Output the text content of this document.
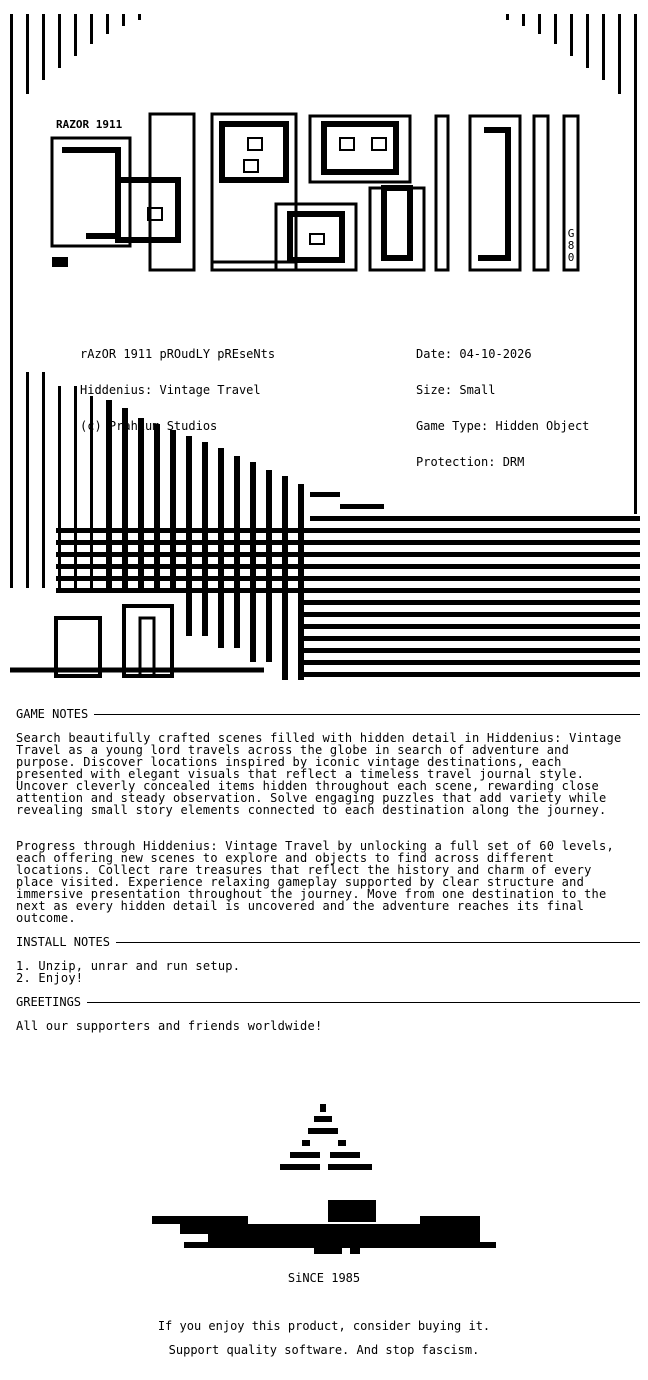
RAZOR 1911
G80

rAzOR 1911 pROudLY pREseNts

Hiddenius: Vintage Travel

(c) Prahium Studios

Date: 04-10-2026

Size: Small

Game Type: Hidden Object

Protection: DRM

GAME NOTES
Search beautifully crafted scenes filled with hidden detail in Hiddenius: Vintage Travel as a young lord travels across the globe in search of adventure and purpose. Discover locations inspired by iconic vintage destinations, each presented with elegant visuals that reflect a timeless travel journal style. Uncover cleverly concealed items hidden throughout each scene, rewarding close attention and steady observation. Solve engaging puzzles that add variety while revealing small story elements connected to each destination along the journey.
Progress through Hiddenius: Vintage Travel by unlocking a full set of 60 levels, each offering new scenes to explore and objects to find across different locations. Collect rare treasures that reflect the history and charm of every place visited. Experience relaxing gameplay supported by clear structure and immersive presentation throughout the journey. Move from one destination to the next as every hidden detail is uncovered and the adventure reaches its final outcome.
INSTALL NOTES
1. Unzip, unrar and run setup.
2. Enjoy!
GREETINGS
All our supporters and friends worldwide!
SiNCE 1985
If you enjoy this product, consider buying it.
Support quality software. And stop fascism.
